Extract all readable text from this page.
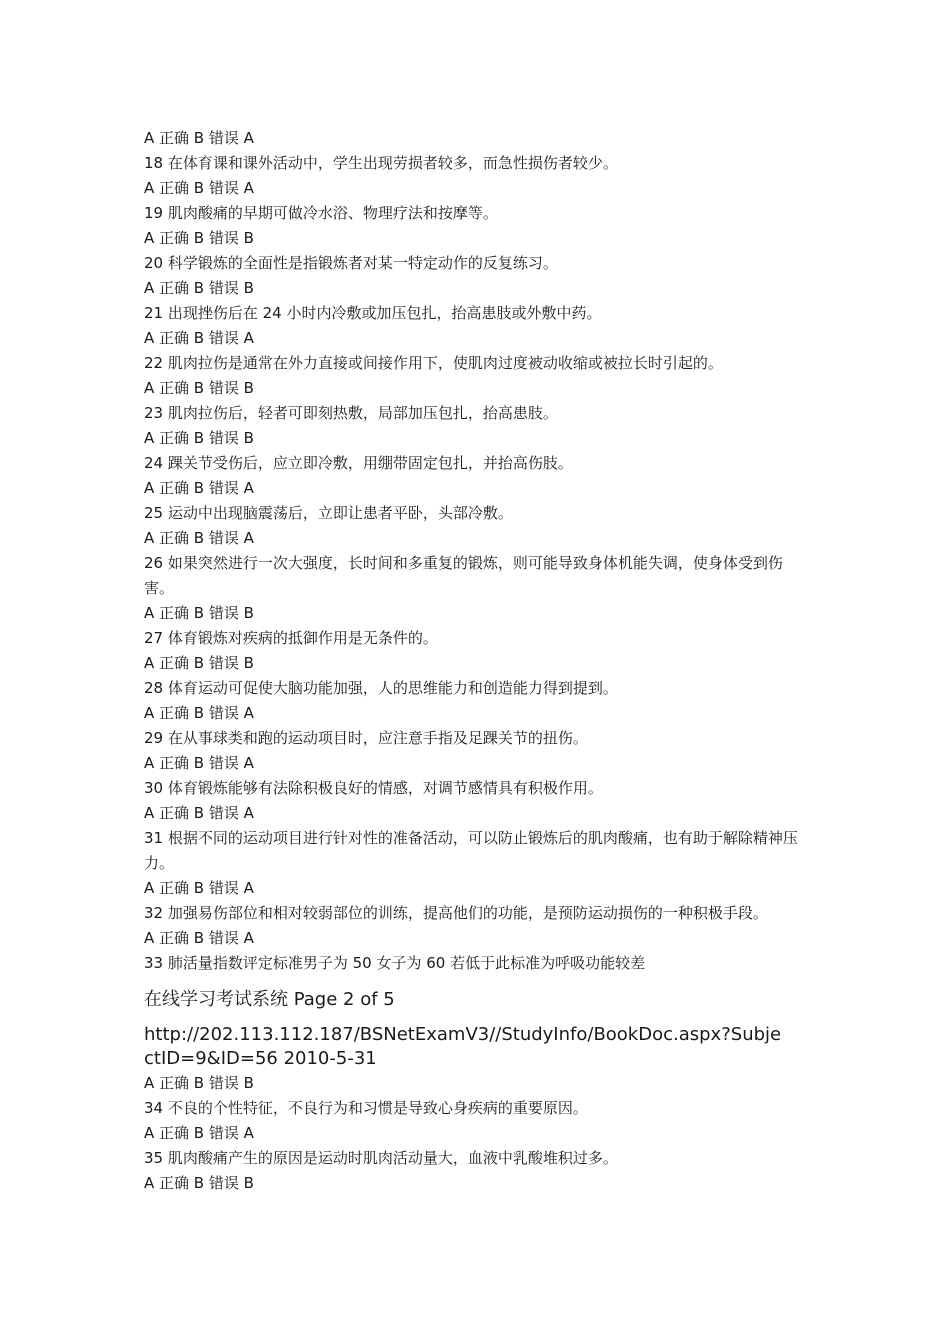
A 正确 B 错误 A
18 在体育课和课外活动中，学生出现劳损者较多，而急性损伤者较少。
A 正确 B 错误 A
19 肌肉酸痛的早期可做冷水浴、物理疗法和按摩等。
A 正确 B 错误 B
20 科学锻炼的全面性是指锻炼者对某一特定动作的反复练习。
A 正确 B 错误 B
21 出现挫伤后在 24 小时内冷敷或加压包扎，抬高患肢或外敷中药。
A 正确 B 错误 A
22 肌肉拉伤是通常在外力直接或间接作用下，使肌肉过度被动收缩或被拉长时引起的。
A 正确 B 错误 B
23 肌肉拉伤后，轻者可即刻热敷，局部加压包扎，抬高患肢。
A 正确 B 错误 B
24 踝关节受伤后，应立即冷敷，用绷带固定包扎，并抬高伤肢。
A 正确 B 错误 A
25 运动中出现脑震荡后，立即让患者平卧，头部冷敷。
A 正确 B 错误 A
26 如果突然进行一次大强度，长时间和多重复的锻炼，则可能导致身体机能失调，使身体受到伤害。
A 正确 B 错误 B
27 体育锻炼对疾病的抵御作用是无条件的。
A 正确 B 错误 B
28 体育运动可促使大脑功能加强，人的思维能力和创造能力得到提到。
A 正确 B 错误 A
29 在从事球类和跑的运动项目时，应注意手指及足踝关节的扭伤。
A 正确 B 错误 A
30 体育锻炼能够有法除积极良好的情感，对调节感情具有积极作用。
A 正确 B 错误 A
31 根据不同的运动项目进行针对性的准备活动，可以防止锻炼后的肌肉酸痛，也有助于解除精神压力。
A 正确 B 错误 A
32 加强易伤部位和相对较弱部位的训练，提高他们的功能，是预防运动损伤的一种积极手段。
A 正确 B 错误 A
33 肺活量指数评定标准男子为 50 女子为 60 若低于此标准为呼吸功能较差
在线学习考试系统 Page 2 of 5
http://202.113.112.187/BSNetExamV3//StudyInfo/BookDoc.aspx?SubjectID=9&ID=56 2010-5-31
A 正确 B 错误 B
34 不良的个性特征，不良行为和习惯是导致心身疾病的重要原因。
A 正确 B 错误 A
35 肌肉酸痛产生的原因是运动时肌肉活动量大，血液中乳酸堆积过多。
A 正确 B 错误 B
